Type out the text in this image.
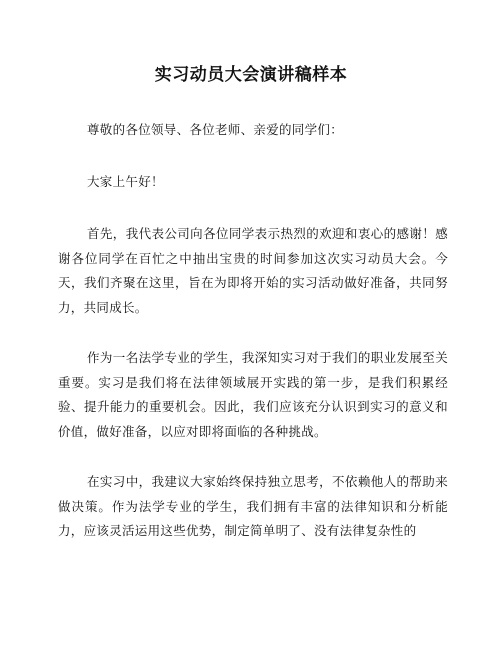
实习动员大会演讲稿样本

尊敬的各位领导、各位老师、亲爱的同学们：

大家上午好！

首先，我代表公司向各位同学表示热烈的欢迎和衷心的感谢！感谢各位同学在百忙之中抽出宝贵的时间参加这次实习动员大会。今天，我们齐聚在这里，旨在为即将开始的实习活动做好准备，共同努力，共同成长。

作为一名法学专业的学生，我深知实习对于我们的职业发展至关重要。实习是我们将在法律领域展开实践的第一步，是我们积累经验、提升能力的重要机会。因此，我们应该充分认识到实习的意义和价值，做好准备，以应对即将面临的各种挑战。

在实习中，我建议大家始终保持独立思考，不依赖他人的帮助来做决策。作为法学专业的学生，我们拥有丰富的法律知识和分析能力，应该灵活运用这些优势，制定简单明了、没有法律复杂性的
